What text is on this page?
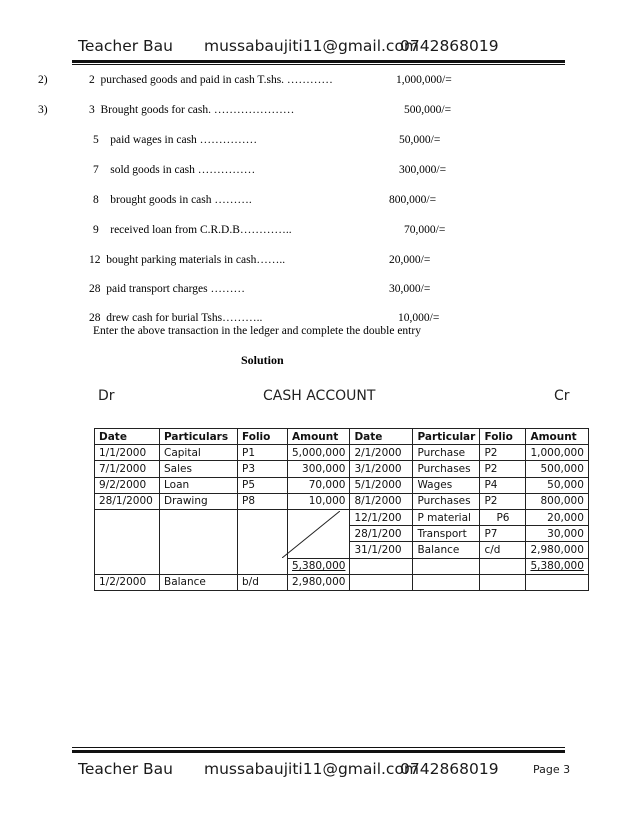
Teacher Bau mussabaujiti11@gmail.com
0742868019
2)	2 purchased goods and paid in cash T.shs. …………	1,000,000/=
3)	3 Brought goods for cash. …………………	500,000/=
5 paid wages in cash ……………	50,000/=
7 sold goods in cash ……………	300,000/=
8 brought goods in cash ……….	800,000/=
9 received loan from C.R.D.B…………..	70,000/=
12 bought parking materials in cash……..	20,000/=
28 paid transport charges ………	30,000/=
28 drew cash for burial Tshs………..	10,000/=
Enter the above transaction in the ledger and complete the double entry
Solution
Dr	CASH ACCOUNT	Cr
Date	Particulars	Folio	Amount	Date	Particular	Folio	Amount
1/1/2000	Capital	P1	5,000,000	2/1/2000	Purchase	P2	1,000,000
7/1/2000	Sales	P3	300,000	3/1/2000	Purchases	P2	500,000
9/2/2000	Loan	P5	70,000	5/1/2000	Wages	P4	50,000
28/1/2000	Drawing	P8	10,000	8/1/2000	Purchases	P2	800,000
				12/1/200	P material	P6	20,000
				28/1/200	Transport	P7	30,000
				31/1/200	Balance	c/d	2,980,000
			5,380,000				5,380,000
1/2/2000	Balance	b/d	2,980,000				
Teacher Bau mussabaujiti11@gmail.com
0742868019	Page 3
